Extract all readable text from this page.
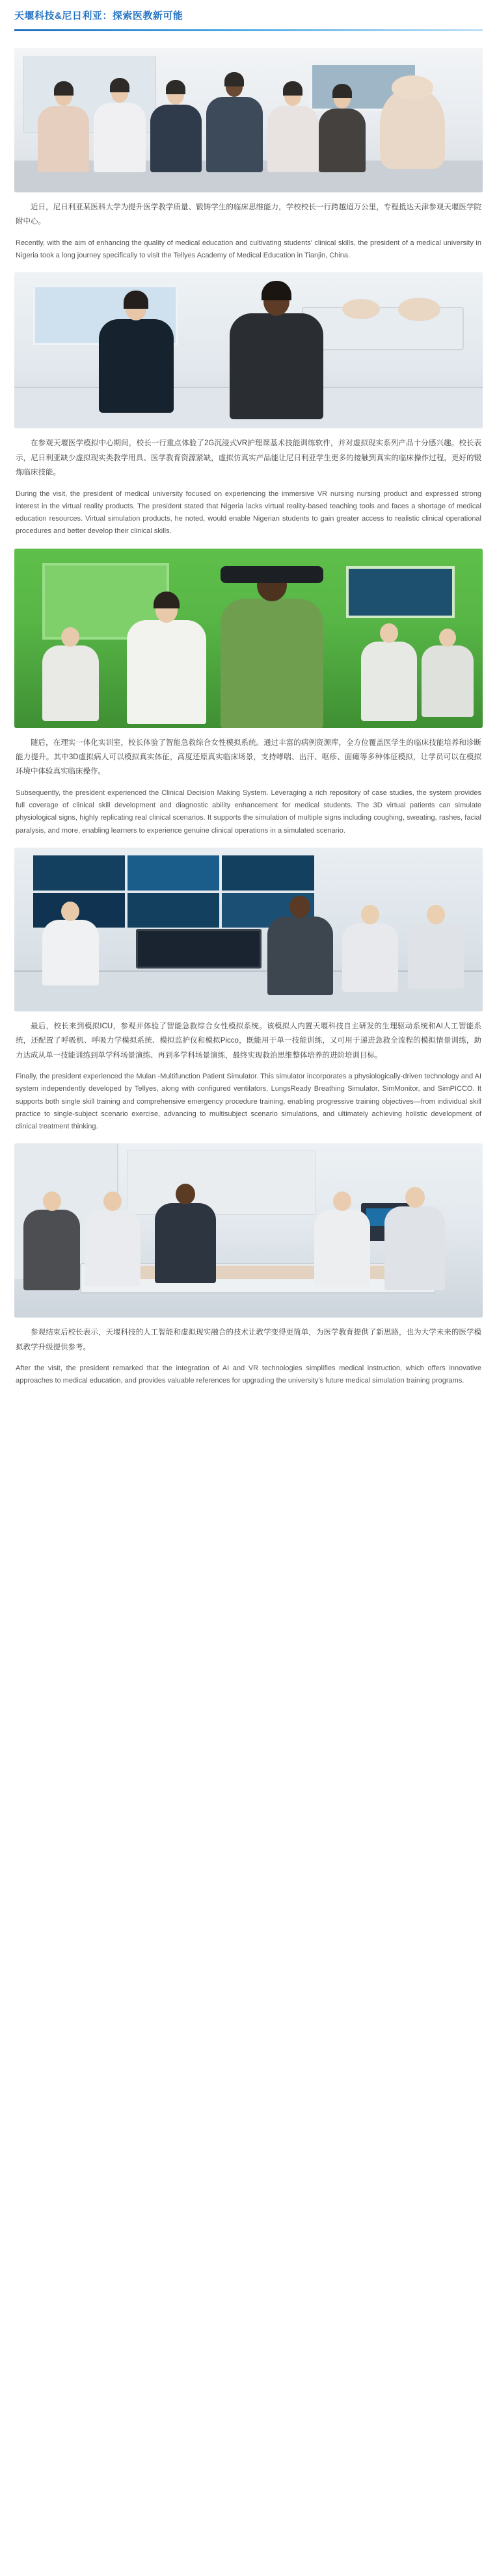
天堰科技&尼日利亚：探索医教新可能
近日，尼日利亚某医科大学为提升医学教学质量、锻铸学生的临床思维能力，学校校长一行跨越迢万公里，专程抵达天津参观天堰医学院附中心。
Recently, with the aim of enhancing the quality of medical education and cultivating students' clinical skills, the president of a medical university in Nigeria took a long journey specifically to visit the Tellyes Academy of Medical Education in Tianjin, China.
在参观天堰医学模拟中心期间，校长一行重点体验了2G沉浸式VR护理课基术技能训练软件，并对虚拟现实系列产品十分感兴趣。校长表示，尼日利亚缺少虚拟现实类教学用具、医学教育资源紧缺，虚拟仿真实产品能让尼日利亚学生更多的接触到真实的临床操作过程，更好的锻炼临床技能。
During the visit, the president of medical university focused on experiencing the immersive VR nursing nursing product and expressed strong interest in the virtual reality products. The president stated that Nigeria lacks virtual reality-based teaching tools and faces a shortage of medical education resources. Virtual simulation products, he noted, would enable Nigerian students to gain greater access to realistic clinical operational procedures and better develop their clinical skills.
随后，在理实一体化实训室，校长体验了智能急救综合女性模拟系统。通过丰富的病例资源库，全方位覆盖医学生的临床技能培养和诊断能力提升。其中3D虚拟病人可以模拟真实体征，高度还原真实临床场景，支持哮喘、出汗、呕疹、面瘫等多种体征模拟，让学员可以在模拟环境中体验真实临床操作。
Subsequently, the president experienced the Clinical Decision Making System. Leveraging a rich repository of case studies, the system provides full coverage of clinical skill development and diagnostic ability enhancement for medical students. The 3D virtual patients can simulate physiological signs, highly replicating real clinical scenarios. It supports the simulation of multiple signs including coughing, sweating, rashes, facial paralysis, and more, enabling learners to experience genuine clinical operations in a simulated scenario.
最后，校长来到模拟ICU，参观并体验了智能急救综合女性模拟系统。该模拟人内置天堰科技自主研发的生理驱动系统和AI人工智能系统，还配置了呼吸机、呼吸力学模拟系统、模拟监护仪和模拟Picco，既能用于单一技能训练，又可用于递进急救全流程的模拟情景训练，助力达成从单一技能训练到单学科场景演练、再到多学科场景演练，最终实现救治思维整体培养的进阶培训目标。
Finally, the president experienced the Mulan -Multifunction Patient Simulator. This simulator incorporates a physiologically-driven technology and AI system independently developed by Tellyes, along with configured ventilators, LungsReady Breathing Simulator, SimMonitor, and SimPICCO. It supports both single skill training and comprehensive emergency procedure training, enabling progressive training objectives—from individual skill practice to single-subject scenario exercise, advancing to multisubject scenario simulations, and ultimately achieving holistic development of clinical treatment thinking.
参观结束后校长表示，天堰科技的人工智能和虚拟现实融合的技术让教学变得更简单，为医学教育提供了新思路，也为大学未来的医学模拟教学升级提供参考。
After the visit, the president remarked that the integration of AI and VR technologies simplifies medical instruction, which offers innovative approaches to medical education, and provides valuable references for upgrading the university's future medical simulation training programs.
